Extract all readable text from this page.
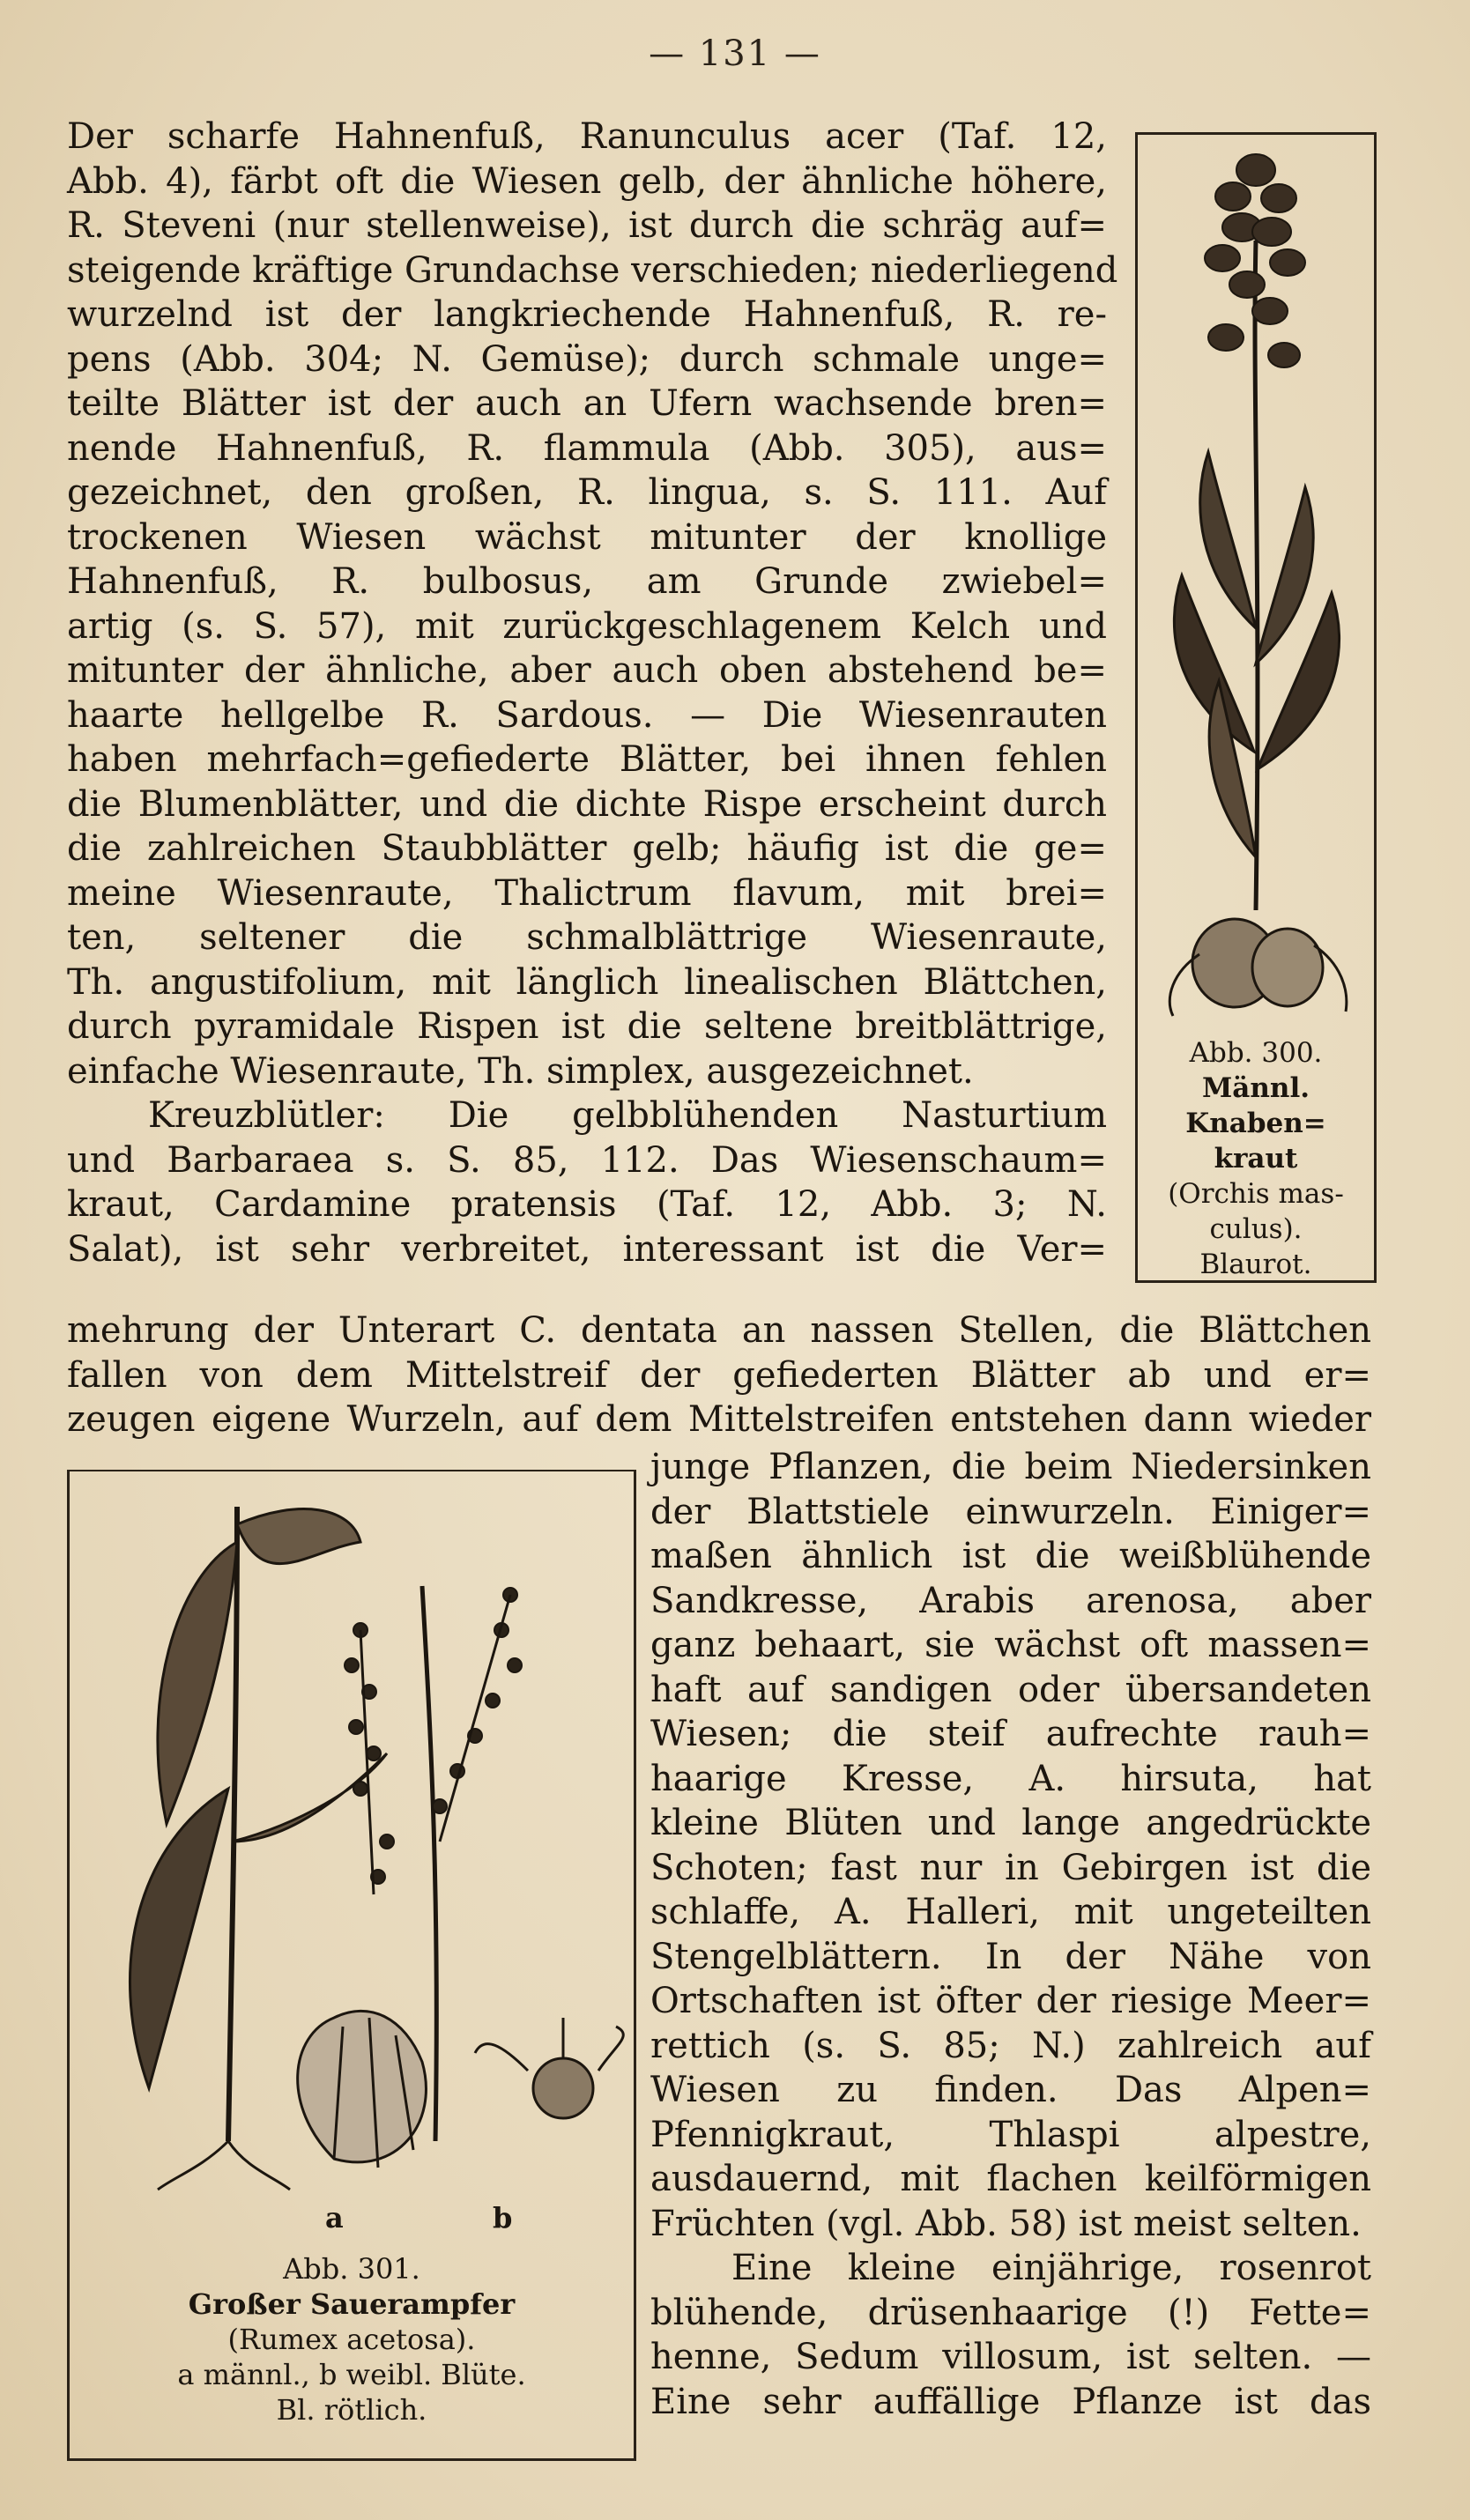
— 131 —
Der scharfe Hahnenfuß, Ranunculus acer (Taf. 12,
Abb. 4), färbt oft die Wiesen gelb, der ähnliche höhere,
R. Steveni (nur stellenweise), ist durch die schräg auf=
steigende kräftige Grundachse verschieden; niederliegend
wurzelnd ist der langkriechende Hahnenfuß, R. re-
pens (Abb. 304; N. Gemüse); durch schmale unge=
teilte Blätter ist der auch an Ufern wachsende bren=
nende Hahnenfuß, R. flammula (Abb. 305), aus=
gezeichnet, den großen, R. lingua, s. S. 111. Auf
trockenen Wiesen wächst mitunter der knollige
Hahnenfuß, R. bulbosus, am Grunde zwiebel=
artig (s. S. 57), mit zurückgeschlagenem Kelch und
mitunter der ähnliche, aber auch oben abstehend be=
haarte hellgelbe R. Sardous. — Die Wiesenrauten
haben mehrfach=gefiederte Blätter, bei ihnen fehlen
die Blumenblätter, und die dichte Rispe erscheint durch
die zahlreichen Staubblätter gelb; häufig ist die ge=
meine Wiesenraute, Thalictrum flavum, mit brei=
ten, seltener die schmalblättrige Wiesenraute,
Th. angustifolium, mit länglich linealischen Blättchen,
durch pyramidale Rispen ist die seltene breitblättrige,
einfache Wiesenraute, Th. simplex, ausgezeichnet.
Kreuzblütler: Die gelbblühenden Nasturtium
und Barbaraea s. S. 85, 112. Das Wiesenschaum=
kraut, Cardamine pratensis (Taf. 12, Abb. 3; N.
Salat), ist sehr verbreitet, interessant ist die Ver=
mehrung der Unterart C. dentata an nassen Stellen, die Blättchen
fallen von dem Mittelstreif der gefiederten Blätter ab und er=
zeugen eigene Wurzeln, auf dem Mittelstreifen entstehen dann wieder
junge Pflanzen, die beim Niedersinken
der Blattstiele einwurzeln. Einiger=
maßen ähnlich ist die weißblühende
Sandkresse, Arabis arenosa, aber
ganz behaart, sie wächst oft massen=
haft auf sandigen oder übersandeten
Wiesen; die steif aufrechte rauh=
haarige Kresse, A. hirsuta, hat
kleine Blüten und lange angedrückte
Schoten; fast nur in Gebirgen ist die
schlaffe, A. Halleri, mit ungeteilten
Stengelblättern. In der Nähe von
Ortschaften ist öfter der riesige Meer=
rettich (s. S. 85; N.) zahlreich auf
Wiesen zu finden. Das Alpen=
Pfennigkraut, Thlaspi alpestre,
ausdauernd, mit flachen keilförmigen
Früchten (vgl. Abb. 58) ist meist selten.
Eine kleine einjährige, rosenrot
blühende, drüsenhaarige (!) Fette=
henne, Sedum villosum, ist selten. —
Eine sehr auffällige Pflanze ist das
Abb. 300.
Männl.
Knaben=
kraut
(Orchis mas-
culus).
Blaurot.
a	b
Abb. 301.
Großer Sauerampfer
(Rumex acetosa).
a männl., b weibl. Blüte.
Bl. rötlich.
